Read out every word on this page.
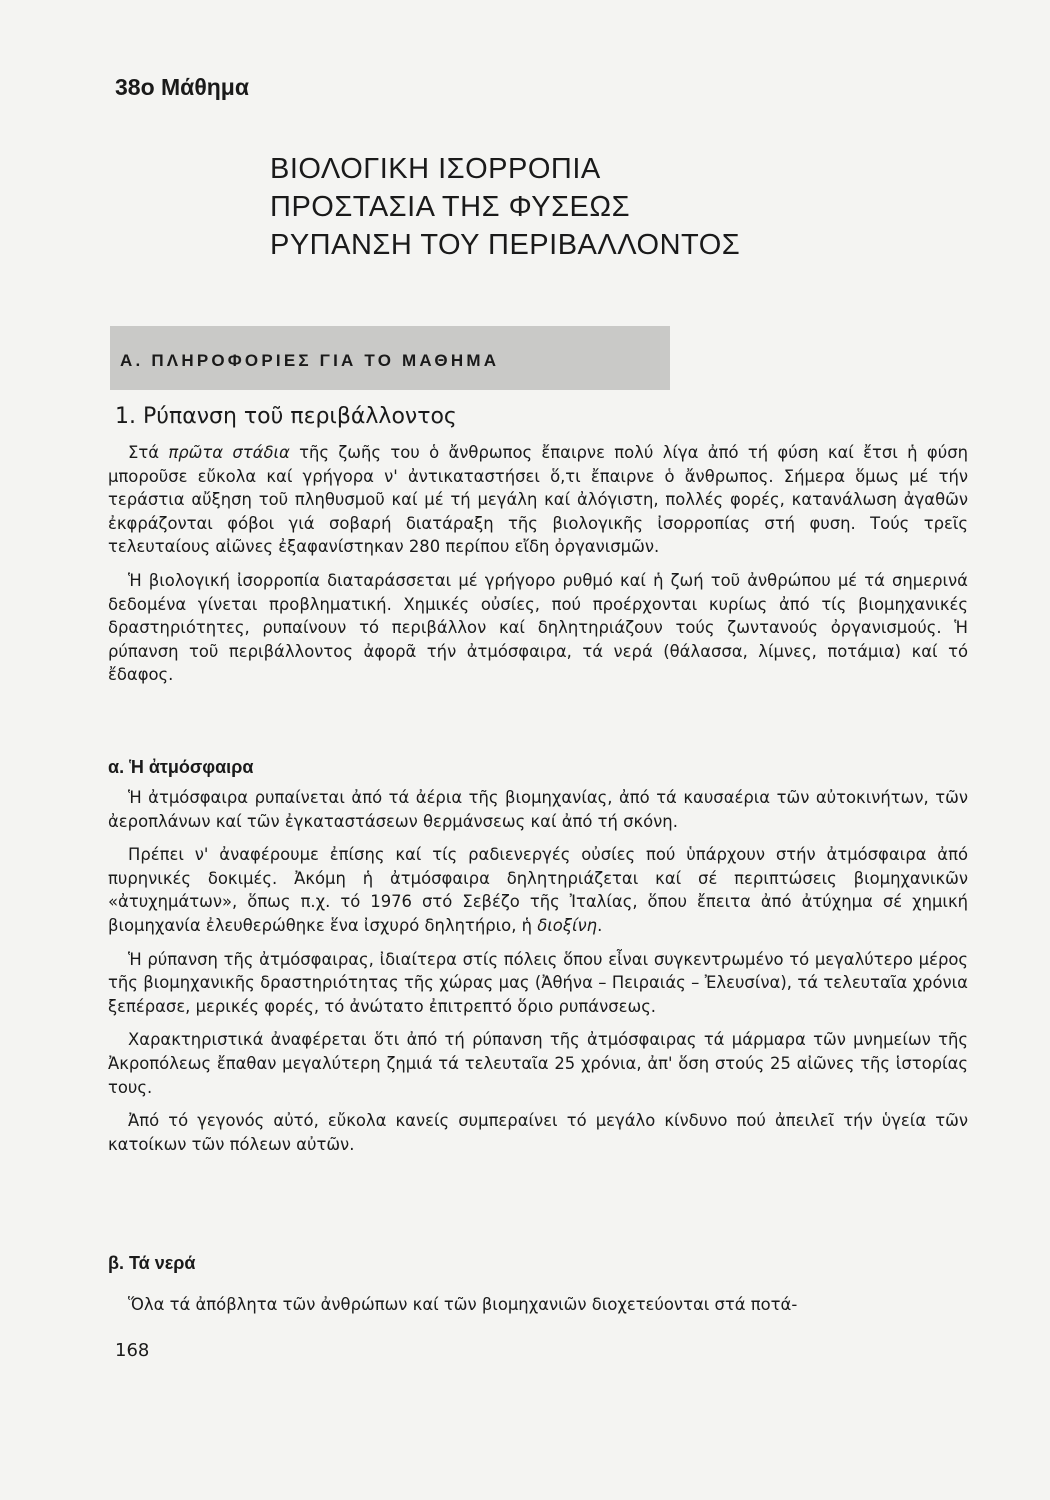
38ο Μάθημα

ΒΙΟΛΟΓΙΚΗ ΙΣΟΡΡΟΠΙΑ

ΠΡΟΣΤΑΣΙΑ ΤΗΣ ΦΥΣΕΩΣ

ΡΥΠΑΝΣΗ ΤΟΥ ΠΕΡΙΒΑΛΛΟΝΤΟΣ

Α. ΠΛΗΡΟΦΟΡΙΕΣ ΓΙΑ ΤΟ ΜΑΘΗΜΑ

1. Ρύπανση τοῦ περιβάλλοντος

Στά πρῶτα στάδια τῆς ζωῆς του ὁ ἄνθρωπος ἔπαιρνε πολύ λίγα ἀπό τή φύση καί ἔτσι ἡ φύση μποροῦσε εὔκολα καί γρήγορα ν' ἀντικαταστήσει ὅ,τι ἔπαιρνε ὁ ἄνθρωπος. Σήμερα ὅμως μέ τήν τεράστια αὔξηση τοῦ πληθυσμοῦ καί μέ τή μεγάλη καί ἀλόγιστη, πολλές φορές, κατανάλωση ἀγαθῶν ἐκφράζονται φόβοι γιά σοβαρή διατάραξη τῆς βιολογικῆς ἰσορροπίας στή φυση. Τούς τρεῖς τελευταίους αἰῶνες ἐξαφανίστηκαν 280 περίπου εἴδη ὀργανισμῶν.

Ἡ βιολογική ἰσορροπία διαταράσσεται μέ γρήγορο ρυθμό καί ἡ ζωή τοῦ ἀνθρώπου μέ τά σημερινά δεδομένα γίνεται προβληματική. Χημικές οὐσίες, πού προέρχονται κυρίως ἀπό τίς βιομηχανικές δραστηριότητες, ρυπαίνουν τό περιβάλλον καί δηλητηριάζουν τούς ζωντανούς ὀργανισμούς. Ἡ ρύπανση τοῦ περιβάλλοντος ἀφορᾶ τήν ἀτμόσφαιρα, τά νερά (θάλασσα, λίμνες, ποτάμια) καί τό ἔδαφος.

α. Ἡ ἀτμόσφαιρα

Ἡ ἀτμόσφαιρα ρυπαίνεται ἀπό τά ἀέρια τῆς βιομηχανίας, ἀπό τά καυσαέρια τῶν αὐτοκινήτων, τῶν ἀεροπλάνων καί τῶν ἐγκαταστάσεων θερμάνσεως καί ἀπό τή σκόνη.

Πρέπει ν' ἀναφέρουμε ἐπίσης καί τίς ραδιενεργές οὐσίες πού ὑπάρχουν στήν ἀτμόσφαιρα ἀπό πυρηνικές δοκιμές. Ἀκόμη ἡ ἀτμόσφαιρα δηλητηριάζεται καί σέ περιπτώσεις βιομηχανικῶν «ἀτυχημάτων», ὅπως π.χ. τό 1976 στό Σεβέζο τῆς Ἰταλίας, ὅπου ἔπειτα ἀπό ἀτύχημα σέ χημική βιομηχανία ἐλευθερώθηκε ἕνα ἰσχυρό δηλητήριο, ἡ διοξίνη.

Ἡ ρύπανση τῆς ἀτμόσφαιρας, ἰδιαίτερα στίς πόλεις ὅπου εἶναι συγκεντρωμένο τό μεγαλύτερο μέρος τῆς βιομηχανικῆς δραστηριότητας τῆς χώρας μας (Ἀθήνα – Πειραιάς – Ἐλευσίνα), τά τελευταῖα χρόνια ξεπέρασε, μερικές φορές, τό ἀνώτατο ἐπιτρεπτό ὅριο ρυπάνσεως.

Χαρακτηριστικά ἀναφέρεται ὅτι ἀπό τή ρύπανση τῆς ἀτμόσφαιρας τά μάρμαρα τῶν μνημείων τῆς Ἀκροπόλεως ἔπαθαν μεγαλύτερη ζημιά τά τελευταῖα 25 χρόνια, ἀπ' ὅση στούς 25 αἰῶνες τῆς ἱστορίας τους.

Ἀπό τό γεγονός αὐτό, εὔκολα κανείς συμπεραίνει τό μεγάλο κίνδυνο πού ἀπειλεῖ τήν ὑγεία τῶν κατοίκων τῶν πόλεων αὐτῶν.

β. Τά νερά

Ὅλα τά ἀπόβλητα τῶν ἀνθρώπων καί τῶν βιομηχανιῶν διοχετεύονται στά ποτά-

168
